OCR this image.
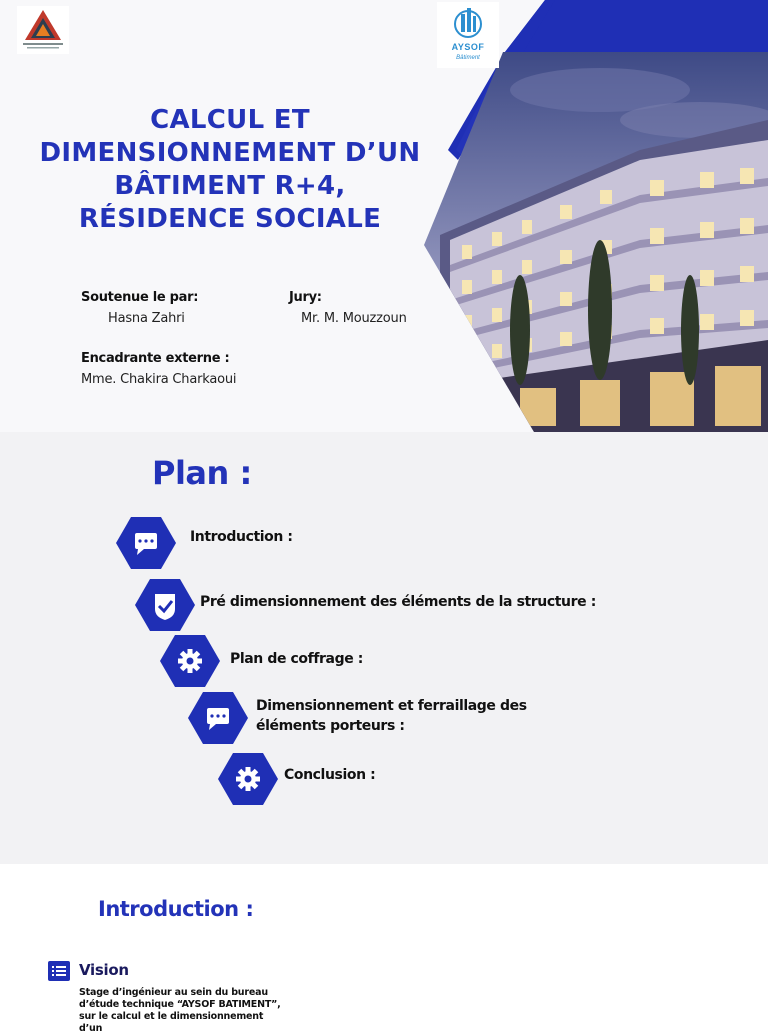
AYSOF
Bâtiment
CALCUL ET
DIMENSIONNEMENT D’UN
BÂTIMENT R+4,
RÉSIDENCE SOCIALE
Soutenue le par:
Hasna Zahri
Jury:
Mr. M. Mouzzoun
Encadrante externe :
Mme. Chakira Charkaoui
Plan :
Introduction :
Pré dimensionnement des éléments de la structure :
Plan de coffrage :
Dimensionnement et ferraillage des éléments porteurs :
Conclusion :
Introduction :
Vision
Stage d’ingénieur au sein du bureau d’étude technique “AYSOF BATIMENT”, sur le calcul et le dimensionnement d’un
